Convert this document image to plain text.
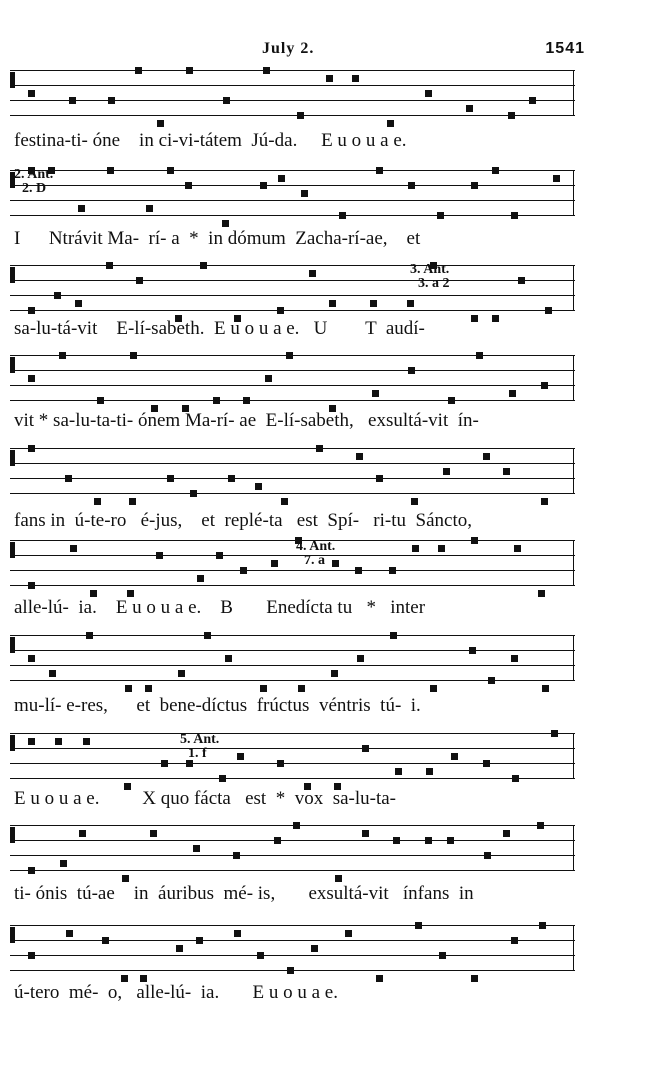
July 2.	1541
festina-ti- óne    in ci-vi-tátem  Jú-da.     E u o u a e.
I      Ntrávit Ma-  rí- a  *  in dómum  Zacha-rí-ae,    et
sa-lu-tá-vit    E-lí-sabeth.  E u o u a e.   U        T  audí-
vit * sa-lu-ta-ti- ónem Ma-rí- ae  E-lí-sabeth,   exsultá-vit  ín-
fans in  ú-te-ro   é-jus,    et  replé-ta   est  Spí-   ri-tu  Sáncto,
alle-lú-  ia.    E u o u a e.    B       Enedícta tu   *   inter
mu-lí- e-res,      et  bene-díctus  frúctus  véntris  tú-  i.
E u o u a e.         X quo fácta   est  *  vox  sa-lu-ta-
ti- ónis  tú-ae    in  áuribus  mé- is,       exsultá-vit   ínfans  in
ú-tero  mé-  o,   alle-lú-  ia.       E u o u a e.
2. Ant.
2. D
3. Ant.
3. a 2
4. Ant.
7. a
5. Ant.
1. f
